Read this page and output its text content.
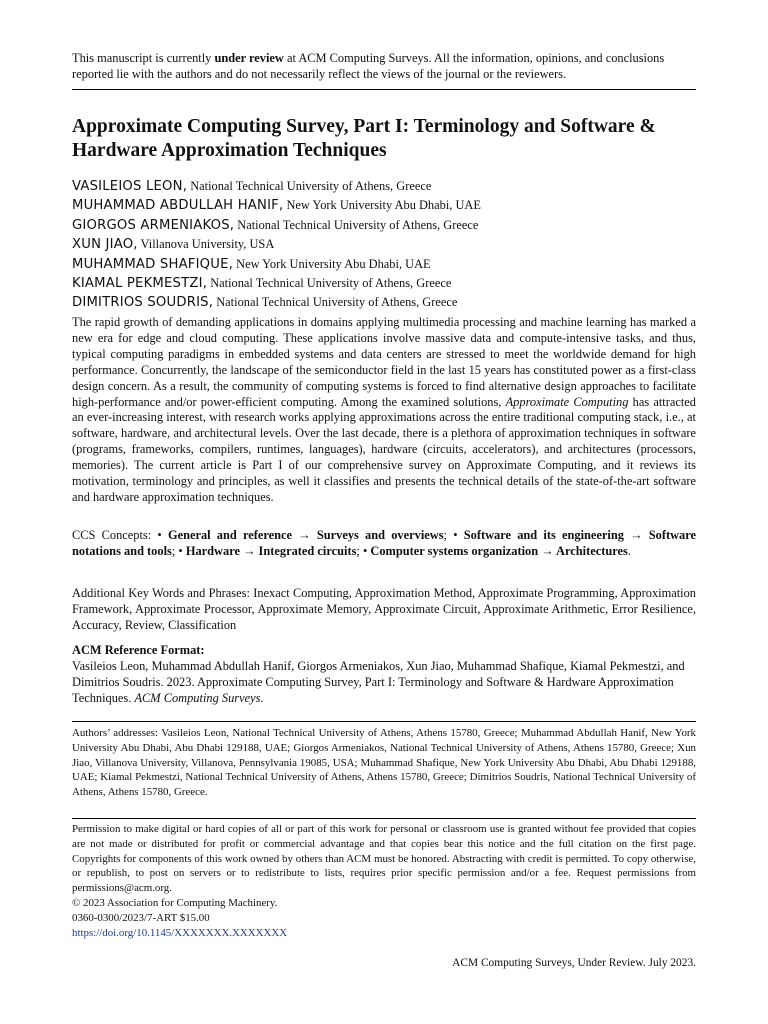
This manuscript is currently under review at ACM Computing Surveys. All the information, opinions, and conclusions reported lie with the authors and do not necessarily reflect the views of the journal or the reviewers.
Approximate Computing Survey, Part I: Terminology and Software & Hardware Approximation Techniques
VASILEIOS LEON, National Technical University of Athens, Greece
MUHAMMAD ABDULLAH HANIF, New York University Abu Dhabi, UAE
GIORGOS ARMENIAKOS, National Technical University of Athens, Greece
XUN JIAO, Villanova University, USA
MUHAMMAD SHAFIQUE, New York University Abu Dhabi, UAE
KIAMAL PEKMESTZI, National Technical University of Athens, Greece
DIMITRIOS SOUDRIS, National Technical University of Athens, Greece
The rapid growth of demanding applications in domains applying multimedia processing and machine learning has marked a new era for edge and cloud computing. These applications involve massive data and compute-intensive tasks, and thus, typical computing paradigms in embedded systems and data centers are stressed to meet the worldwide demand for high performance. Concurrently, the landscape of the semiconductor field in the last 15 years has constituted power as a first-class design concern. As a result, the community of computing systems is forced to find alternative design approaches to facilitate high-performance and/or power-efficient computing. Among the examined solutions, Approximate Computing has attracted an ever-increasing interest, with research works applying approximations across the entire traditional computing stack, i.e., at software, hardware, and architectural levels. Over the last decade, there is a plethora of approximation techniques in software (programs, frameworks, compilers, runtimes, languages), hardware (circuits, accelerators), and architectures (processors, memories). The current article is Part I of our comprehensive survey on Approximate Computing, and it reviews its motivation, terminology and principles, as well it classifies and presents the technical details of the state-of-the-art software and hardware approximation techniques.
CCS Concepts: • General and reference → Surveys and overviews; • Software and its engineering → Software notations and tools; • Hardware → Integrated circuits; • Computer systems organization → Architectures.
Additional Key Words and Phrases: Inexact Computing, Approximation Method, Approximate Programming, Approximation Framework, Approximate Processor, Approximate Memory, Approximate Circuit, Approximate Arithmetic, Error Resilience, Accuracy, Review, Classification
ACM Reference Format:
Vasileios Leon, Muhammad Abdullah Hanif, Giorgos Armeniakos, Xun Jiao, Muhammad Shafique, Kiamal Pekmestzi, and Dimitrios Soudris. 2023. Approximate Computing Survey, Part I: Terminology and Software & Hardware Approximation Techniques. ACM Computing Surveys.
Authors’ addresses: Vasileios Leon, National Technical University of Athens, Athens 15780, Greece; Muhammad Abdullah Hanif, New York University Abu Dhabi, Abu Dhabi 129188, UAE; Giorgos Armeniakos, National Technical University of Athens, Athens 15780, Greece; Xun Jiao, Villanova University, Villanova, Pennsylvania 19085, USA; Muhammad Shafique, New York University Abu Dhabi, Abu Dhabi 129188, UAE; Kiamal Pekmestzi, National Technical University of Athens, Athens 15780, Greece; Dimitrios Soudris, National Technical University of Athens, Athens 15780, Greece.
Permission to make digital or hard copies of all or part of this work for personal or classroom use is granted without fee provided that copies are not made or distributed for profit or commercial advantage and that copies bear this notice and the full citation on the first page. Copyrights for components of this work owned by others than ACM must be honored. Abstracting with credit is permitted. To copy otherwise, or republish, to post on servers or to redistribute to lists, requires prior specific permission and/or a fee. Request permissions from permissions@acm.org.
© 2023 Association for Computing Machinery.
0360-0300/2023/7-ART $15.00
https://doi.org/10.1145/XXXXXXX.XXXXXXX
ACM Computing Surveys, Under Review. July 2023.
